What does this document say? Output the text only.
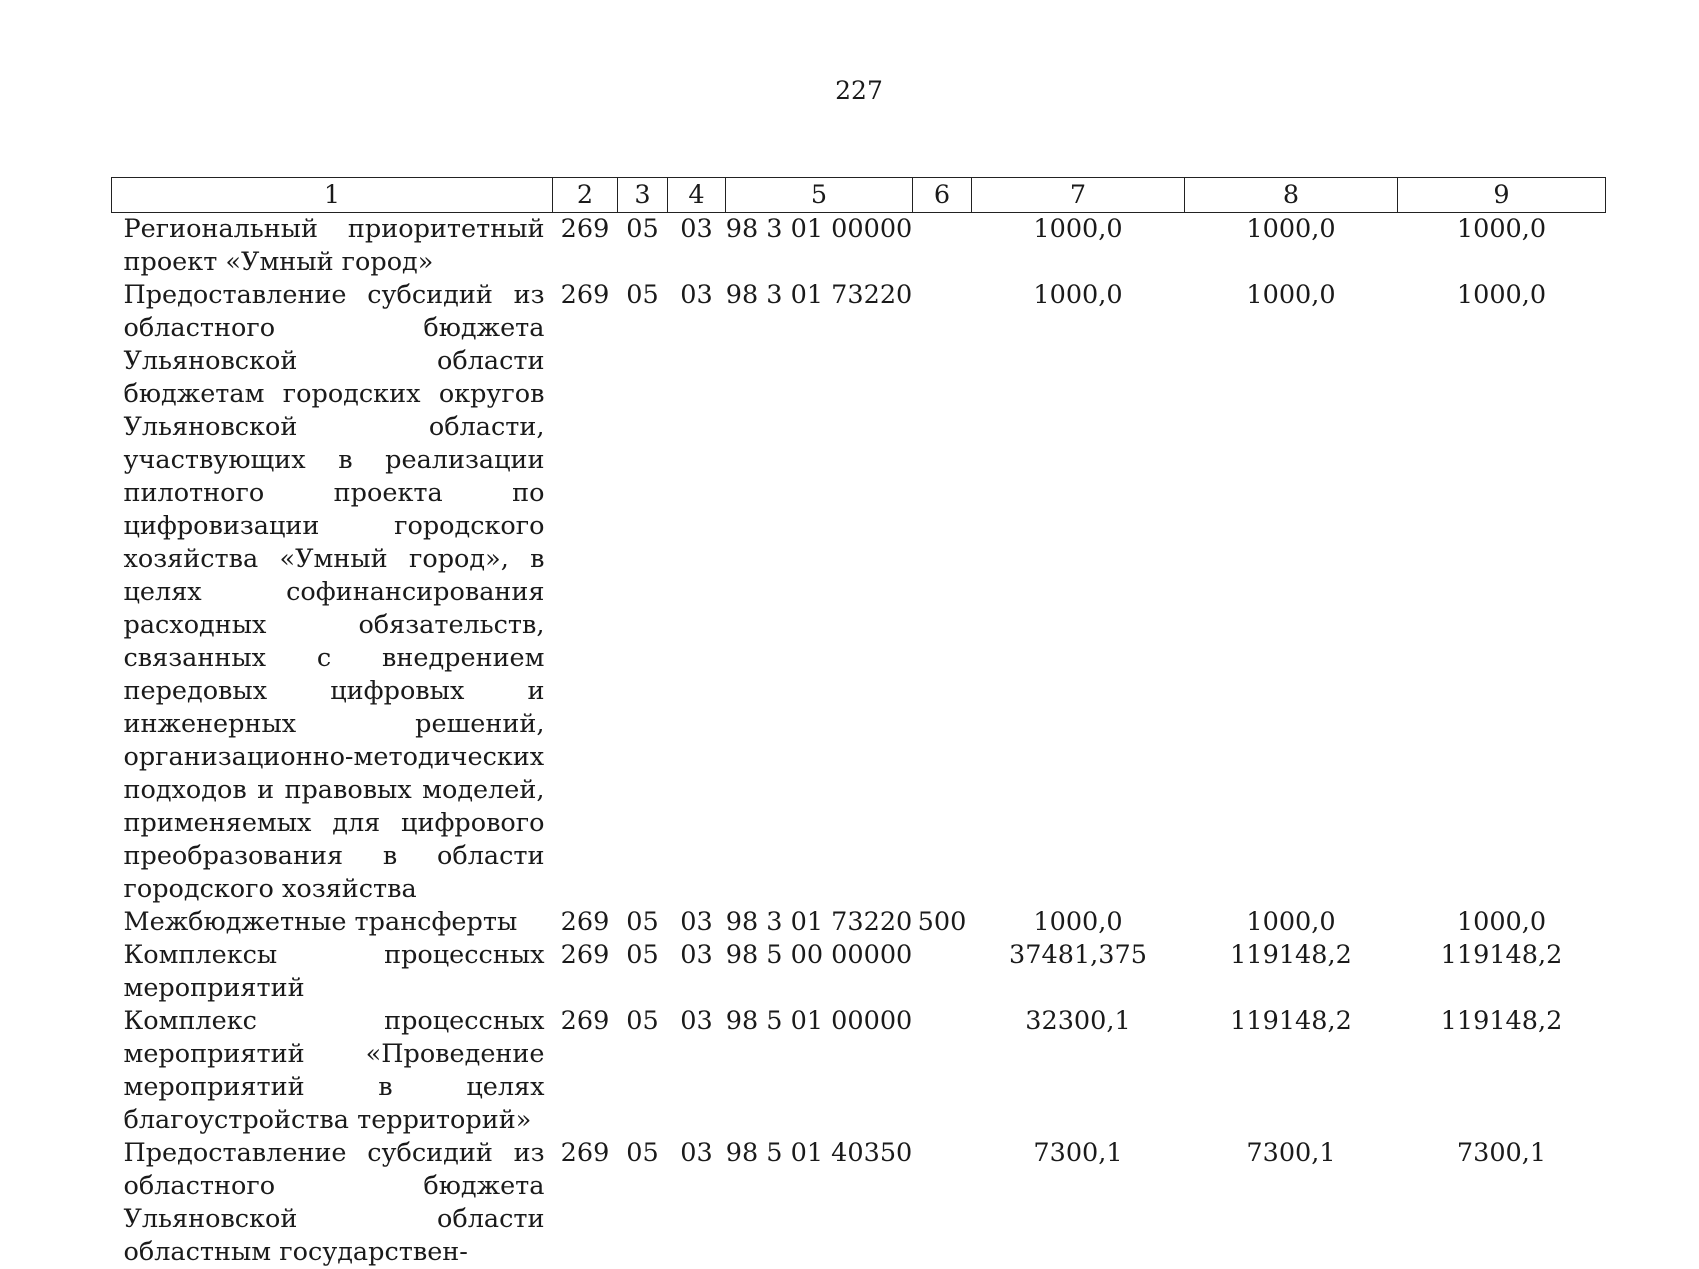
227
1	2	3	4	5	6	7	8	9
Региональный приоритетный проект «Умный город»	269	05	03	98 3 01 00000		1000,0	1000,0	1000,0
Предоставление субсидий из областного бюджета Ульяновской области бюджетам городских округов Ульяновской области, участвующих в реализации пилотного проекта по цифровизации городского хозяйства «Умный город», в целях софинансирования расходных обязательств, связанных с внедрением передовых цифровых и инженерных решений, организационно-методических подходов и правовых моделей, применяемых для цифрового преобразования в области городского хозяйства	269	05	03	98 3 01 73220		1000,0	1000,0	1000,0
Межбюджетные трансферты	269	05	03	98 3 01 73220	500	1000,0	1000,0	1000,0
Комплексы процессных мероприятий	269	05	03	98 5 00 00000		37481,375	119148,2	119148,2
Комплекс процессных мероприятий «Проведение мероприятий в целях благоустройства территорий»	269	05	03	98 5 01 00000		32300,1	119148,2	119148,2
Предоставление субсидий из областного бюджета Ульяновской области областным государствен-	269	05	03	98 5 01 40350		7300,1	7300,1	7300,1
